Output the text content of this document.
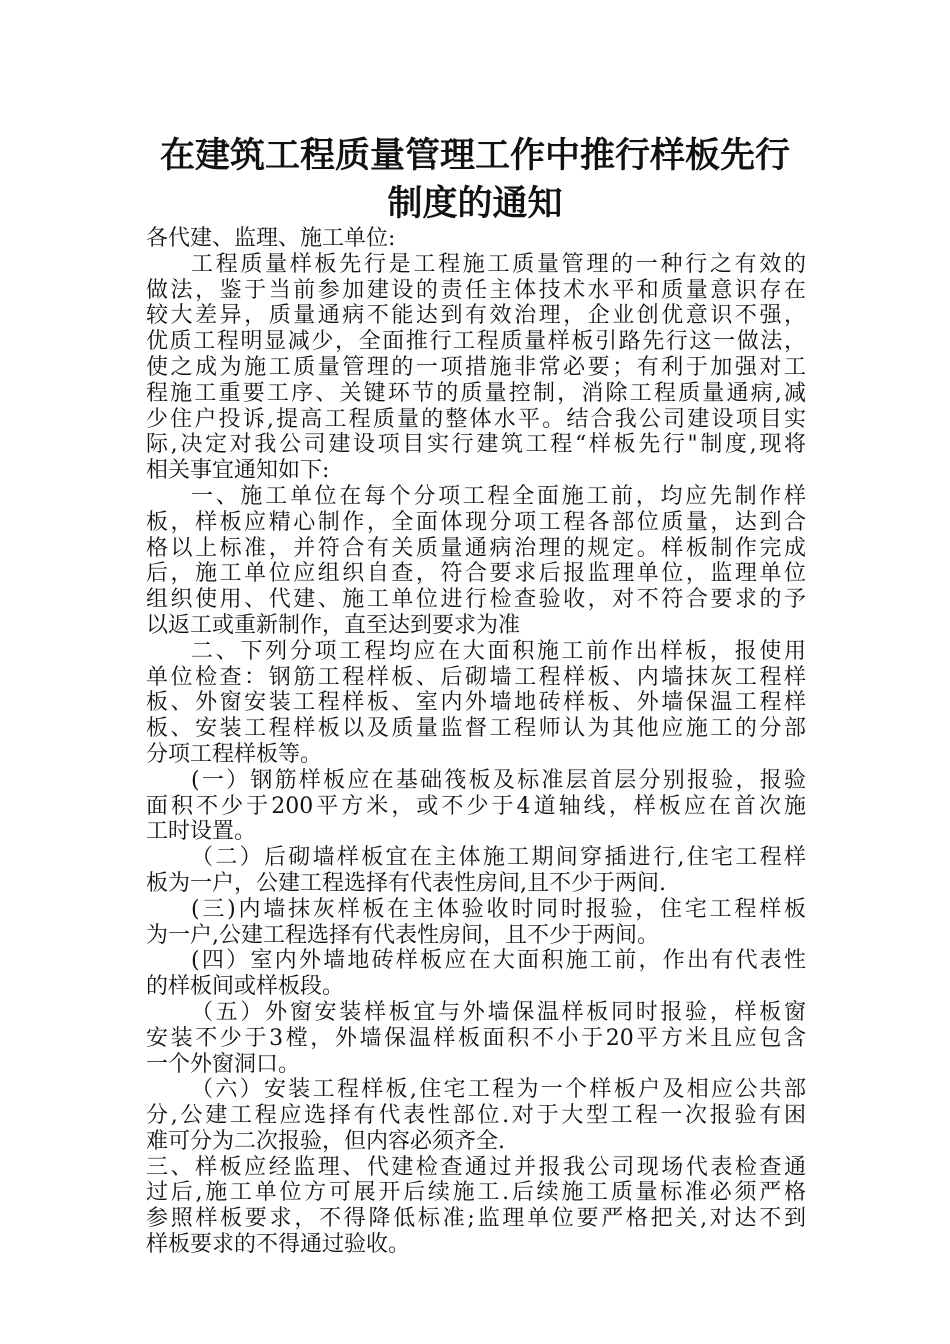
在建筑工程质量管理工作中推行样板先行
制度的通知
各代建、监理、施工单位:
工程质量样板先行是工程施工质量管理的一种行之有效的
做法，鉴于当前参加建设的责任主体技术水平和质量意识存在
较大差异，质量通病不能达到有效治理，企业创优意识不强，
优质工程明显减少，全面推行工程质量样板引路先行这一做法，
使之成为施工质量管理的一项措施非常必要；有利于加强对工
程施工重要工序、关键环节的质量控制，消除工程质量通病,减
少住户投诉,提高工程质量的整体水平。结合我公司建设项目实
际,决定对我公司建设项目实行建筑工程“样板先行"制度,现将
相关事宜通知如下:
一、施工单位在每个分项工程全面施工前，均应先制作样
板，样板应精心制作，全面体现分项工程各部位质量，达到合
格以上标准，并符合有关质量通病治理的规定。样板制作完成
后，施工单位应组织自查，符合要求后报监理单位，监理单位
组织使用、代建、施工单位进行检查验收，对不符合要求的予
以返工或重新制作，直至达到要求为准
二、下列分项工程均应在大面积施工前作出样板，报使用
单位检查：钢筋工程样板、后砌墙工程样板、内墙抹灰工程样
板、外窗安装工程样板、室内外墙地砖样板、外墙保温工程样
板、安装工程样板以及质量监督工程师认为其他应施工的分部
分项工程样板等。
(一）钢筋样板应在基础筏板及标准层首层分别报验，报验
面积不少于200平方米，或不少于4道轴线，样板应在首次施
工时设置。
（二）后砌墙样板宜在主体施工期间穿插进行,住宅工程样
板为一户，公建工程选择有代表性房间,且不少于两间.
(三)内墙抹灰样板在主体验收时同时报验，住宅工程样板
为一户,公建工程选择有代表性房间，且不少于两间。
(四）室内外墙地砖样板应在大面积施工前，作出有代表性
的样板间或样板段。
（五）外窗安装样板宜与外墙保温样板同时报验，样板窗
安装不少于3樘，外墙保温样板面积不小于20平方米且应包含
一个外窗洞口。
（六）安装工程样板,住宅工程为一个样板户及相应公共部
分,公建工程应选择有代表性部位.对于大型工程一次报验有困
难可分为二次报验，但内容必须齐全.
三、样板应经监理、代建检查通过并报我公司现场代表检查通
过后,施工单位方可展开后续施工.后续施工质量标准必须严格
参照样板要求，不得降低标准;监理单位要严格把关,对达不到
样板要求的不得通过验收。
